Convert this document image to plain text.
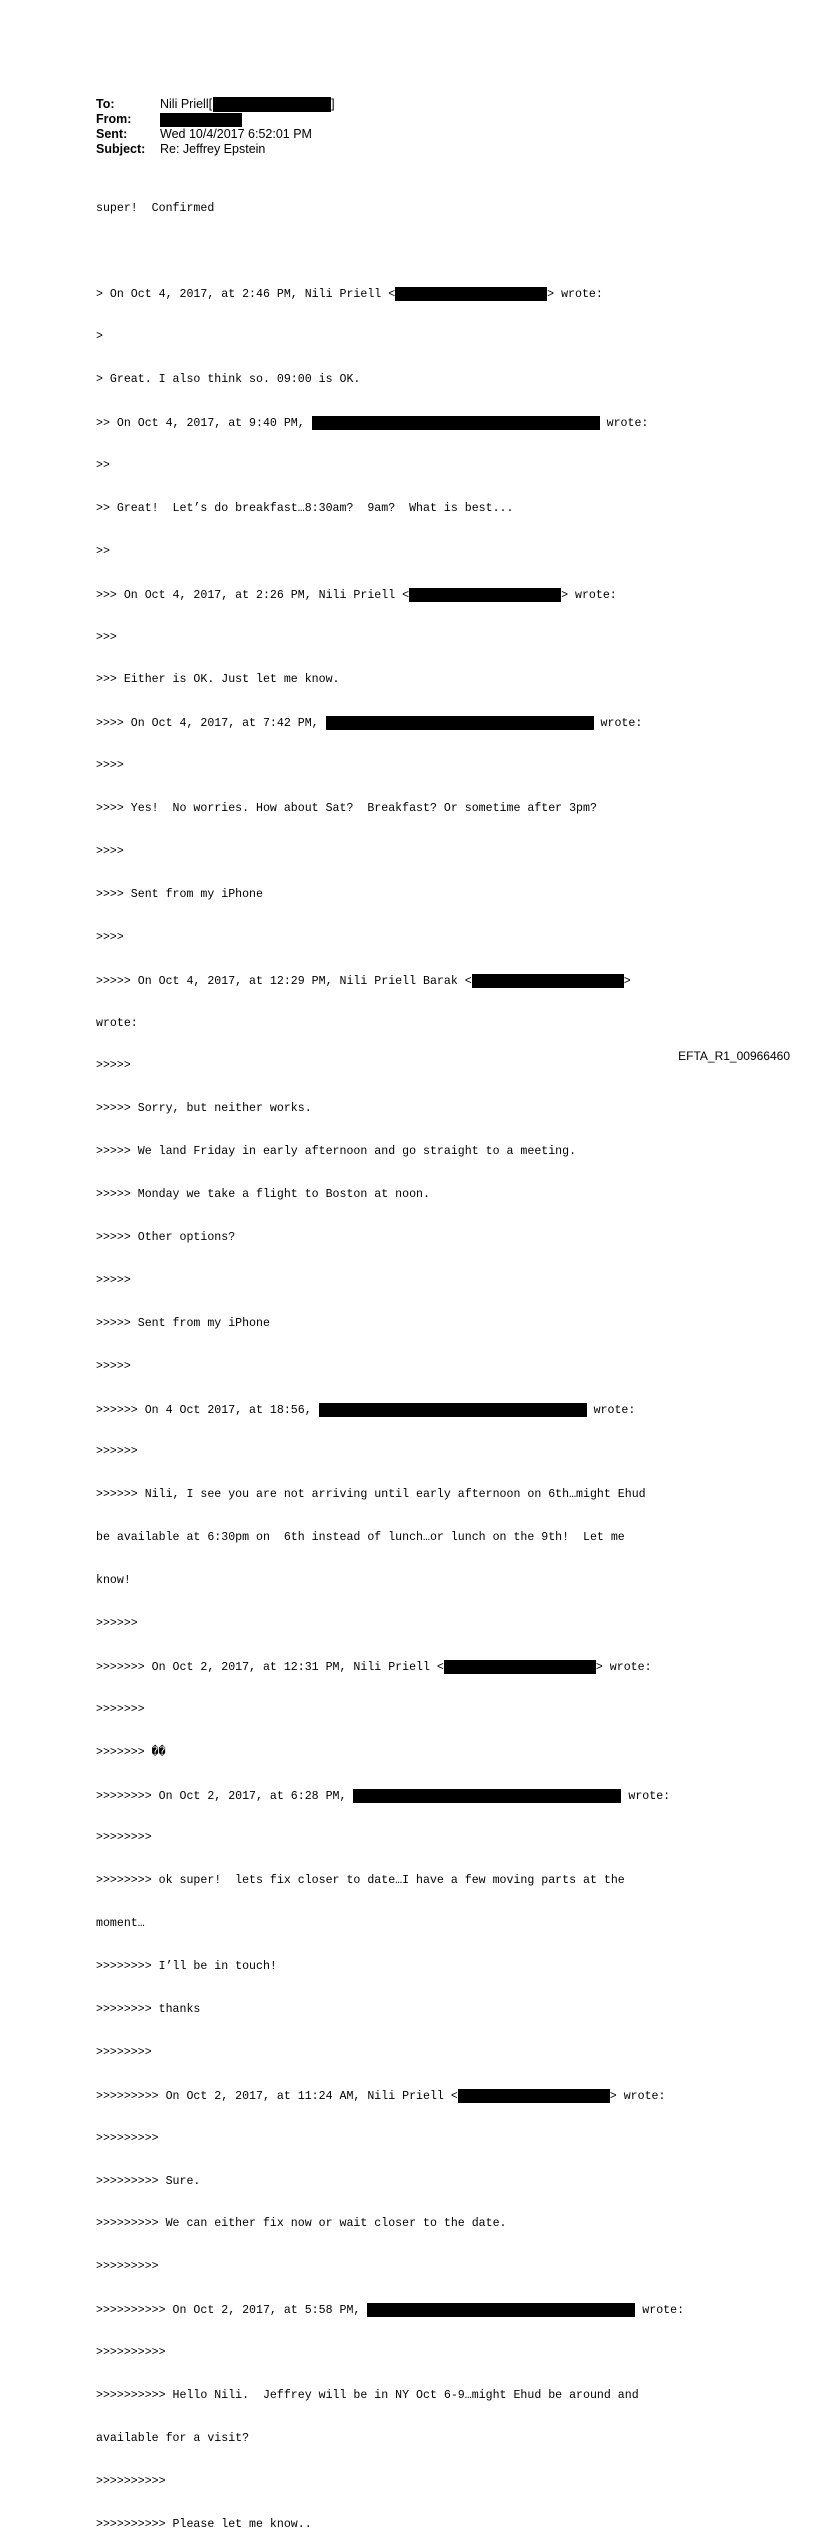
To:	Nili Priell[	]
From:
Sent:	Wed 10/4/2017 6:52:01 PM
Subject: Re: Jeffrey Epstein

super!  Confirmed

> On Oct 4, 2017, at 2:46 PM, Nili Priell <	> wrote:

>

> Great. I also think so. 09:00 is OK.

>> On Oct 4, 2017, at 9:40 PM,	wrote:

>>

>> Great!  Let’s do breakfast…8:30am?  9am?  What is best...

>>

>>> On Oct 4, 2017, at 2:26 PM, Nili Priell <	> wrote:

>>>

>>> Either is OK. Just let me know.

>>>> On Oct 4, 2017, at 7:42 PM,	wrote:

>>>>

>>>> Yes!  No worries. How about Sat?  Breakfast? Or sometime after 3pm?

>>>>

>>>> Sent from my iPhone

>>>>

>>>>> On Oct 4, 2017, at 12:29 PM, Nili Priell Barak <	>

wrote:

>>>>>

>>>>> Sorry, but neither works.

>>>>> We land Friday in early afternoon and go straight to a meeting.

>>>>> Monday we take a flight to Boston at noon.

>>>>> Other options?

>>>>>

>>>>> Sent from my iPhone

>>>>>

>>>>>> On 4 Oct 2017, at 18:56,	wrote:

>>>>>>

>>>>>> Nili, I see you are not arriving until early afternoon on 6th…might Ehud

be available at 6:30pm on  6th instead of lunch…or lunch on the 9th!  Let me

know!

>>>>>>

>>>>>>> On Oct 2, 2017, at 12:31 PM, Nili Priell <	> wrote:

>>>>>>>

>>>>>>> ��

>>>>>>>> On Oct 2, 2017, at 6:28 PM,	wrote:

>>>>>>>>

>>>>>>>> ok super!  lets fix closer to date…I have a few moving parts at the

moment…

>>>>>>>> I’ll be in touch!

>>>>>>>> thanks

>>>>>>>>

>>>>>>>>> On Oct 2, 2017, at 11:24 AM, Nili Priell <	> wrote:

>>>>>>>>>

>>>>>>>>> Sure.

>>>>>>>>> We can either fix now or wait closer to the date.

>>>>>>>>>

>>>>>>>>>> On Oct 2, 2017, at 5:58 PM,	wrote:

>>>>>>>>>>

>>>>>>>>>> Hello Nili.  Jeffrey will be in NY Oct 6-9…might Ehud be around and

available for a visit?

>>>>>>>>>>

>>>>>>>>>> Please let me know..

EFTA_R1_00966460
